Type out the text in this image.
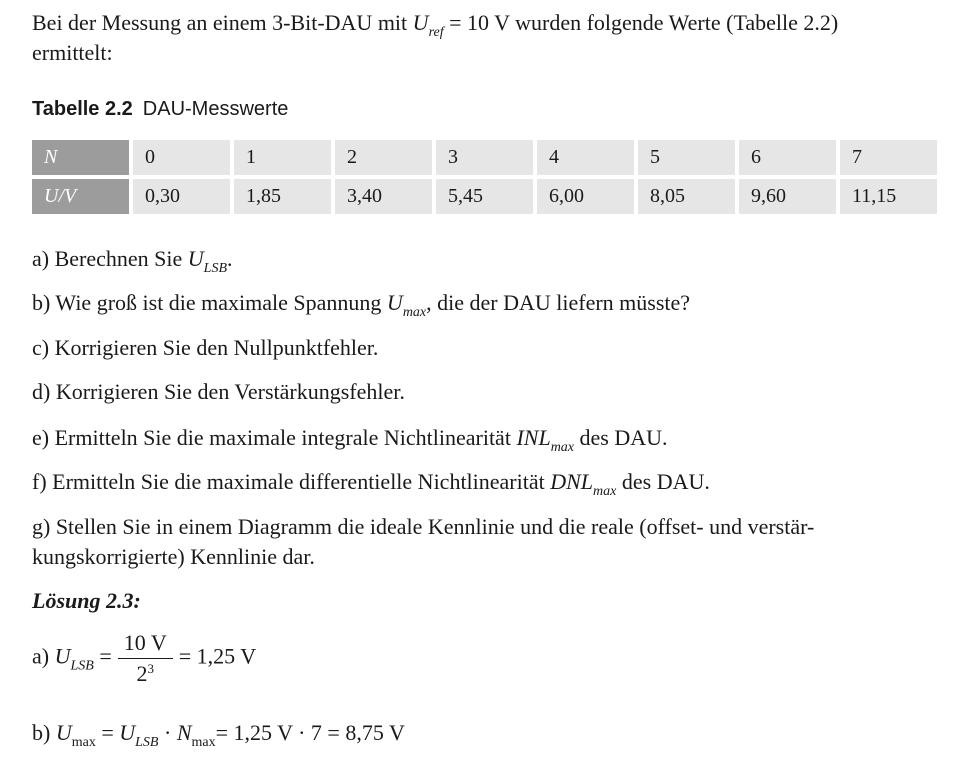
Bei der Messung an einem 3-Bit-DAU mit $U_{ref} = 10$ V wurden folgende Werte (Tabelle 2.2)
ermittelt:
Tabelle 2.2 DAU-Messwerte
N	0	1	2	3	4	5	6	7
U/V	0,30	1,85	3,40	5,45	6,00	8,05	9,60	11,15
a) Berechnen Sie $U_{LSB}$.
b) Wie groß ist die maximale Spannung $U_{max}$, die der DAU liefern müsste?
c) Korrigieren Sie den Nullpunktfehler.
d) Korrigieren Sie den Verstärkungsfehler.
e) Ermitteln Sie die maximale integrale Nichtlinearität $INL_{max}$ des DAU.
f) Ermitteln Sie die maximale differentielle Nichtlinearität $DNL_{max}$ des DAU.
g) Stellen Sie in einem Diagramm die ideale Kennlinie und die reale (offset- und verstär-
kungskorrigierte) Kennlinie dar.
Lösung 2.3:
a) $U_{LSB} = \frac{10 V}{2^3} = 1,25$ V
b) $U_{max} = U_{LSB} \cdot N_{max}= 1,25$ V · 7 = 8,75 V
